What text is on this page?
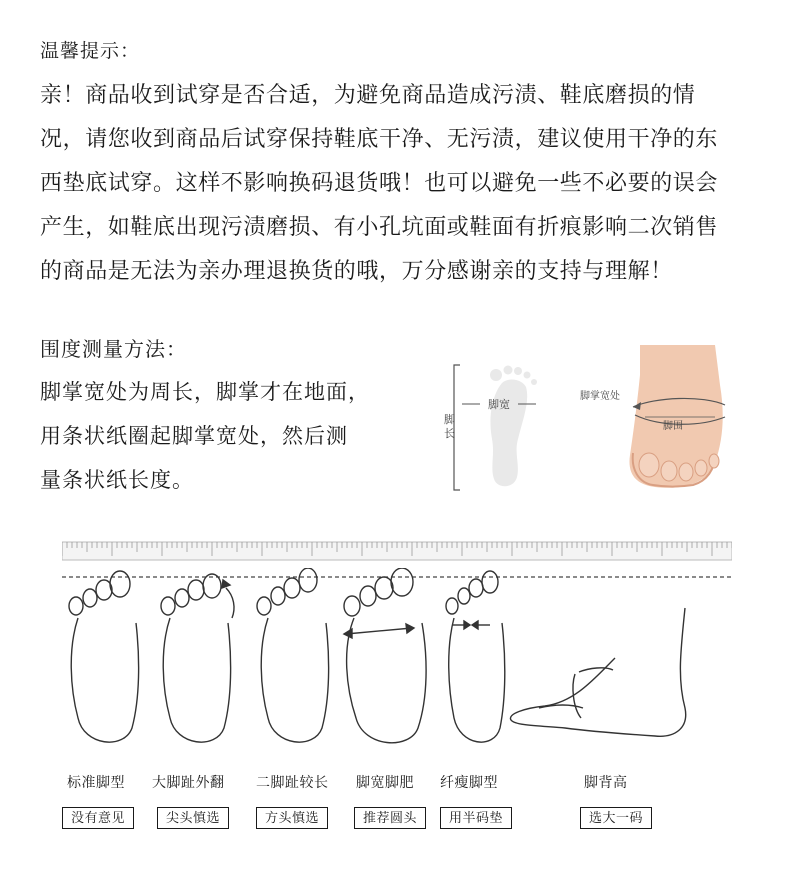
温馨提示：

亲！商品收到试穿是否合适，为避免商品造成污渍、鞋底磨损的情

况，请您收到商品后试穿保持鞋底干净、无污渍，建议使用干净的东

西垫底试穿。这样不影响换码退货哦！也可以避免一些不必要的误会

产生，如鞋底出现污渍磨损、有小孔坑面或鞋面有折痕影响二次销售

的商品是无法为亲办理退换货的哦，万分感谢亲的支持与理解！

围度测量方法：

脚掌宽处为周长，脚掌才在地面，

用条状纸圈起脚掌宽处，然后测

量条状纸长度。

脚宽
脚
长
脚掌宽处
脚围
标准脚型 大脚趾外翻 二脚趾较长 脚宽脚肥 纤瘦脚型	脚背高
没有意见	尖头慎选	方头慎选	推荐圆头	用半码垫	选大一码
